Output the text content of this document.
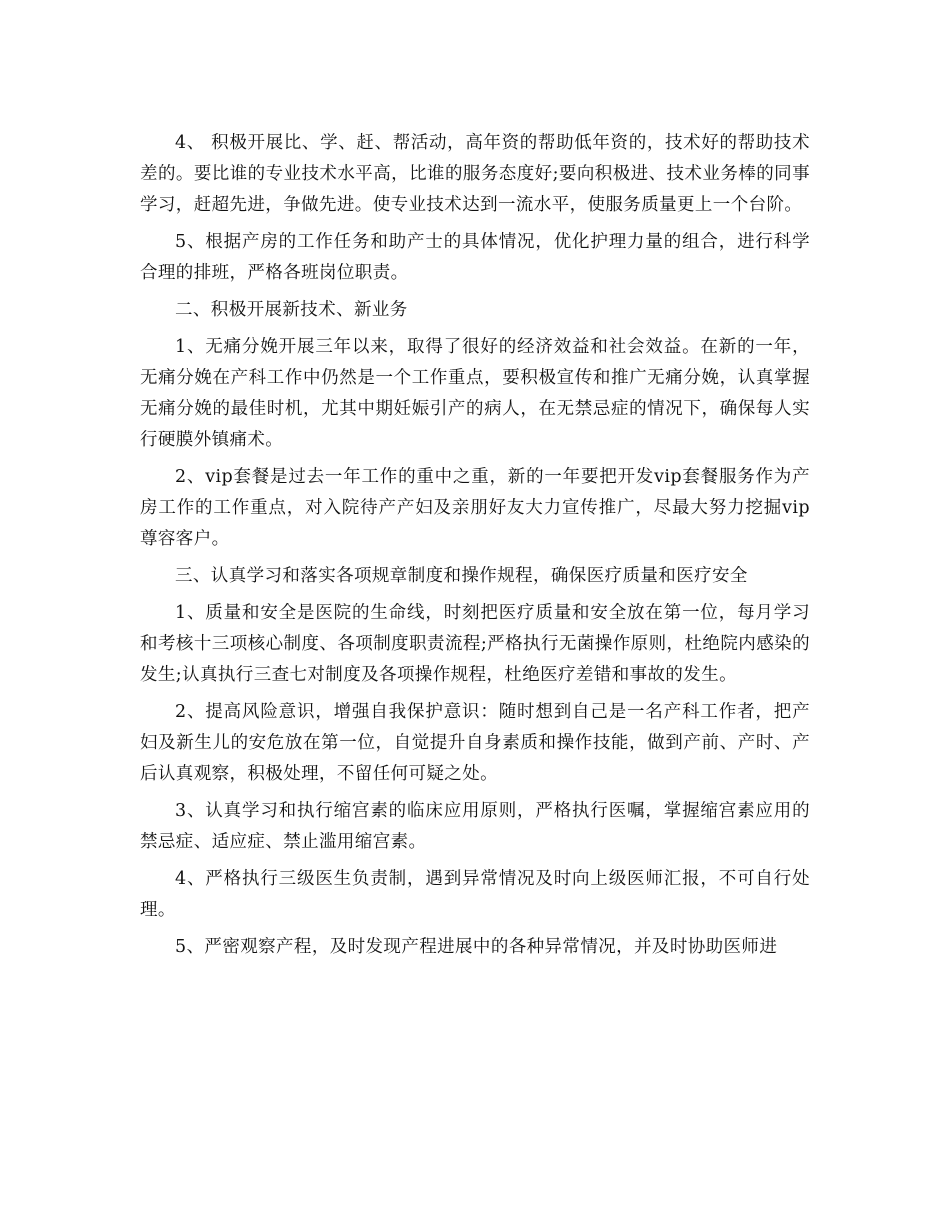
4、 积极开展比、学、赶、帮活动，高年资的帮助低年资的，技术好的帮助技术差的。要比谁的专业技术水平高，比谁的服务态度好;要向积极进、技术业务棒的同事学习，赶超先进，争做先进。使专业技术达到一流水平，使服务质量更上一个台阶。

5、根据产房的工作任务和助产士的具体情况，优化护理力量的组合，进行科学合理的排班，严格各班岗位职责。

二、积极开展新技术、新业务

1、无痛分娩开展三年以来，取得了很好的经济效益和社会效益。在新的一年，无痛分娩在产科工作中仍然是一个工作重点，要积极宣传和推广无痛分娩，认真掌握无痛分娩的最佳时机，尤其中期妊娠引产的病人，在无禁忌症的情况下，确保每人实行硬膜外镇痛术。

2、vip套餐是过去一年工作的重中之重，新的一年要把开发vip套餐服务作为产房工作的工作重点，对入院待产产妇及亲朋好友大力宣传推广，尽最大努力挖掘vip尊容客户。

三、认真学习和落实各项规章制度和操作规程，确保医疗质量和医疗安全

1、质量和安全是医院的生命线，时刻把医疗质量和安全放在第一位，每月学习和考核十三项核心制度、各项制度职责流程;严格执行无菌操作原则，杜绝院内感染的发生;认真执行三查七对制度及各项操作规程，杜绝医疗差错和事故的发生。

2、提高风险意识，增强自我保护意识：随时想到自己是一名产科工作者，把产妇及新生儿的安危放在第一位，自觉提升自身素质和操作技能，做到产前、产时、产后认真观察，积极处理，不留任何可疑之处。

3、认真学习和执行缩宫素的临床应用原则，严格执行医嘱，掌握缩宫素应用的禁忌症、适应症、禁止滥用缩宫素。

4、严格执行三级医生负责制，遇到异常情况及时向上级医师汇报，不可自行处理。

5、严密观察产程，及时发现产程进展中的各种异常情况，并及时协助医师进
